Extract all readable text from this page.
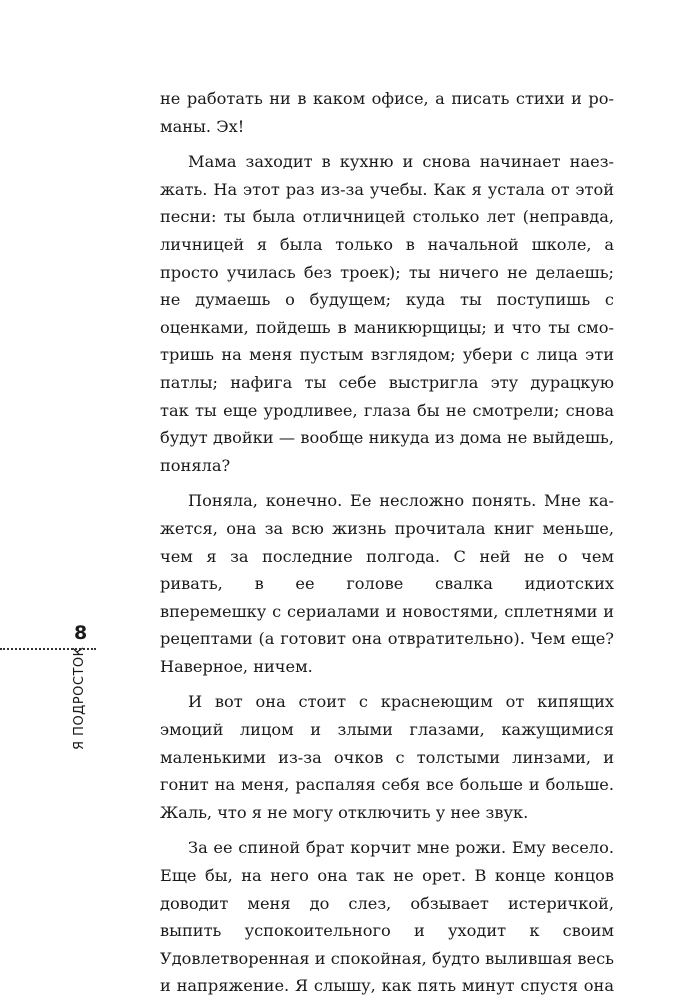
8
Я ПОДРОСТОК
не работать ни в каком офисе, а писать стихи и ро-
маны. Эх!
Мама заходит в кухню и снова начинает наез-
жать. На этот раз из-за учебы. Как я устала от этой
песни: ты была отличницей столько лет (неправда,
личницей я была только в начальной школе, а
просто училась без троек); ты ничего не делаешь;
не думаешь о будущем; куда ты поступишь с
оценками, пойдешь в маникюрщицы; и что ты смо-
тришь на меня пустым взглядом; убери с лица эти
патлы; нафига ты себе выстригла эту дурацкую
так ты еще уродливее, глаза бы не смотрели; снова
будут двойки — вообще никуда из дома не выйдешь,
поняла?
Поняла, конечно. Ее несложно понять. Мне ка-
жется, она за всю жизнь прочитала книг меньше,
чем я за последние полгода. С ней не о чем
ривать, в ее голове свалка идиотских
вперемешку с сериалами и новостями, сплетнями и
рецептами (а готовит она отвратительно). Чем еще?
Наверное, ничем.
И вот она стоит с краснеющим от кипящих
эмоций лицом и злыми глазами, кажущимися
маленькими из-за очков с толстыми линзами, и
гонит на меня, распаляя себя все больше и больше.
Жаль, что я не могу отключить у нее звук.
За ее спиной брат корчит мне рожи. Ему весело.
Еще бы, на него она так не орет. В конце концов
доводит меня до слез, обзывает истеричкой,
выпить успокоительного и уходит к своим
Удовлетворенная и спокойная, будто вылившая весь
и напряжение. Я слышу, как пять минут спустя она
